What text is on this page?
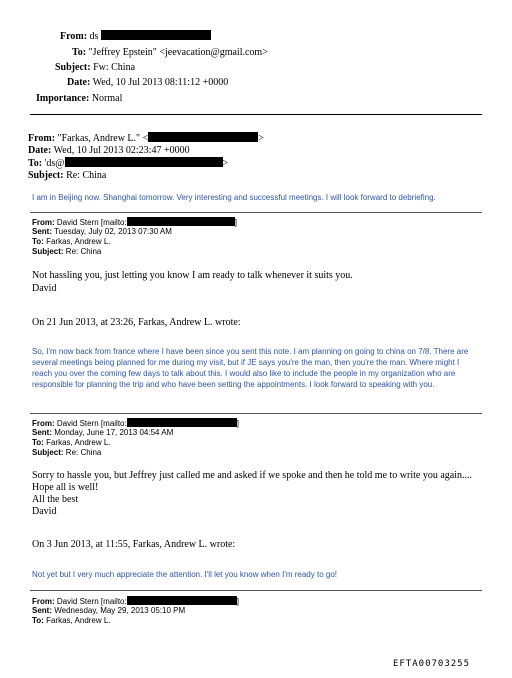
From: ds
To: "Jeffrey Epstein" <jeevacation@gmail.com>
Subject: Fw: China
Date: Wed, 10 Jul 2013 08:11:12 +0000
Importance: Normal
From: "Farkas, Andrew L." <	>
Date: Wed, 10 Jul 2013 02:23:47 +0000
To: 'ds@	>
Subject: Re: China
I am in Beijing now. Shanghai tomorrow. Very interesting and successful meetings. I will look forward to debriefing.
From: David Stern [mailto:	]
Sent: Tuesday, July 02, 2013 07:30 AM
To: Farkas, Andrew L.
Subject: Re: China
Not hassling you, just letting you know I am ready to talk whenever it suits you.
David
On 21 Jun 2013, at 23:26, Farkas, Andrew L. wrote:
So, I'm now back from france where I have been since you sent this note. I am planning on going to china on 7/8. There are several meetings being planned for me during my visit, but if JE says you're the man, then you're the man. Where might I reach you over the coming few days to talk about this. I would also like to include the people in my organization who are responsible for planning the trip and who have been setting the appointments. I look forward to speaking with you.
From: David Stern [mailto:	]
Sent: Monday, June 17, 2013 04:54 AM
To: Farkas, Andrew L.
Subject: Re: China
Sorry to hassle you, but Jeffrey just called me and asked if we spoke and then he told me to write you again....
Hope all is well!
All the best
David
On 3 Jun 2013, at 11:55, Farkas, Andrew L. wrote:
Not yet but I very much appreciate the attention. I'll let you know when I'm ready to go!
From: David Stern [mailto:	]
Sent: Wednesday, May 29, 2013 05:10 PM
To: Farkas, Andrew L.
EFTA00703255
